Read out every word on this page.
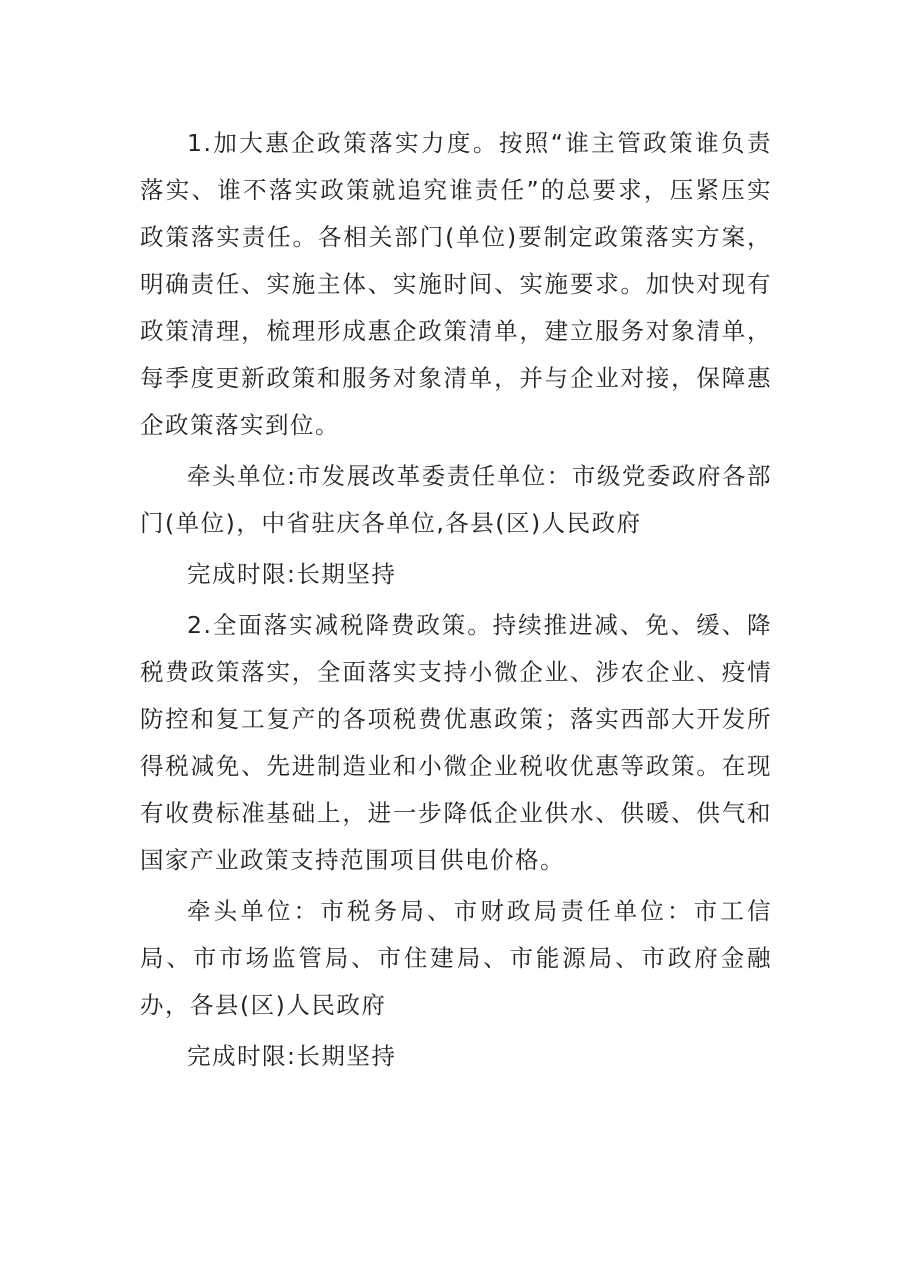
1.加大惠企政策落实力度。按照“谁主管政策谁负责落实、谁不落实政策就追究谁责任”的总要求，压紧压实政策落实责任。各相关部门(单位)要制定政策落实方案，明确责任、实施主体、实施时间、实施要求。加快对现有政策清理，梳理形成惠企政策清单，建立服务对象清单，每季度更新政策和服务对象清单，并与企业对接，保障惠企政策落实到位。

牵头单位:市发展改革委责任单位：市级党委政府各部门(单位)，中省驻庆各单位,各县(区)人民政府

完成时限:长期坚持

2.全面落实减税降费政策。持续推进减、免、缓、降税费政策落实，全面落实支持小微企业、涉农企业、疫情防控和复工复产的各项税费优惠政策；落实西部大开发所得税减免、先进制造业和小微企业税收优惠等政策。在现有收费标准基础上，进一步降低企业供水、供暖、供气和国家产业政策支持范围项目供电价格。

牵头单位：市税务局、市财政局责任单位：市工信局、市市场监管局、市住建局、市能源局、市政府金融办，各县(区)人民政府

完成时限:长期坚持
